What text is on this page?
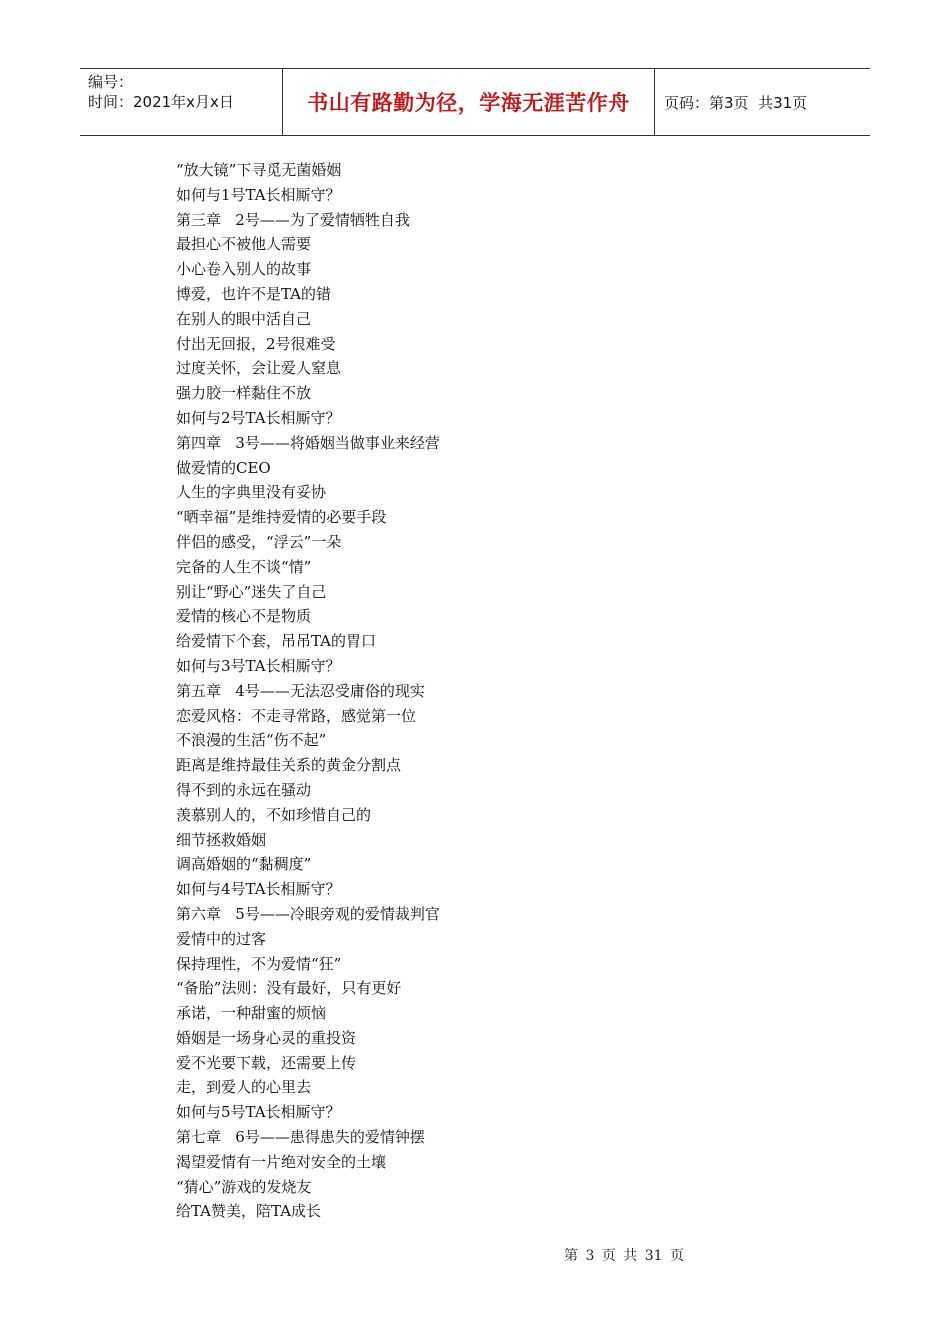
编号：
时间：2021年x月x日	书山有路勤为径，学海无涯苦作舟	页码：第3页  共31页
“放大镜”下寻觅无菌婚姻
如何与1号TA长相厮守？
第三章   2号——为了爱情牺牲自我
最担心不被他人需要
小心卷入别人的故事
博爱，也许不是TA的错
在别人的眼中活自己
付出无回报，2号很难受
过度关怀，会让爱人窒息
强力胶一样黏住不放
如何与2号TA长相厮守？
第四章   3号——将婚姻当做事业来经营
做爱情的CEO
人生的字典里没有妥协
“晒幸福”是维持爱情的必要手段
伴侣的感受，“浮云”一朵
完备的人生不谈“情”
别让“野心”迷失了自己
爱情的核心不是物质
给爱情下个套，吊吊TA的胃口
如何与3号TA长相厮守？
第五章   4号——无法忍受庸俗的现实
恋爱风格：不走寻常路，感觉第一位
不浪漫的生活“伤不起”
距离是维持最佳关系的黄金分割点
得不到的永远在骚动
羡慕别人的，不如珍惜自己的
细节拯救婚姻
调高婚姻的“黏稠度”
如何与4号TA长相厮守？
第六章   5号——冷眼旁观的爱情裁判官
爱情中的过客
保持理性，不为爱情“狂”
“备胎”法则：没有最好，只有更好
承诺，一种甜蜜的烦恼
婚姻是一场身心灵的重投资
爱不光要下载，还需要上传
走，到爱人的心里去
如何与5号TA长相厮守？
第七章   6号——患得患失的爱情钟摆
渴望爱情有一片绝对安全的土壤
“猜心”游戏的发烧友
给TA赞美，陪TA成长
第 3 页 共 31 页
